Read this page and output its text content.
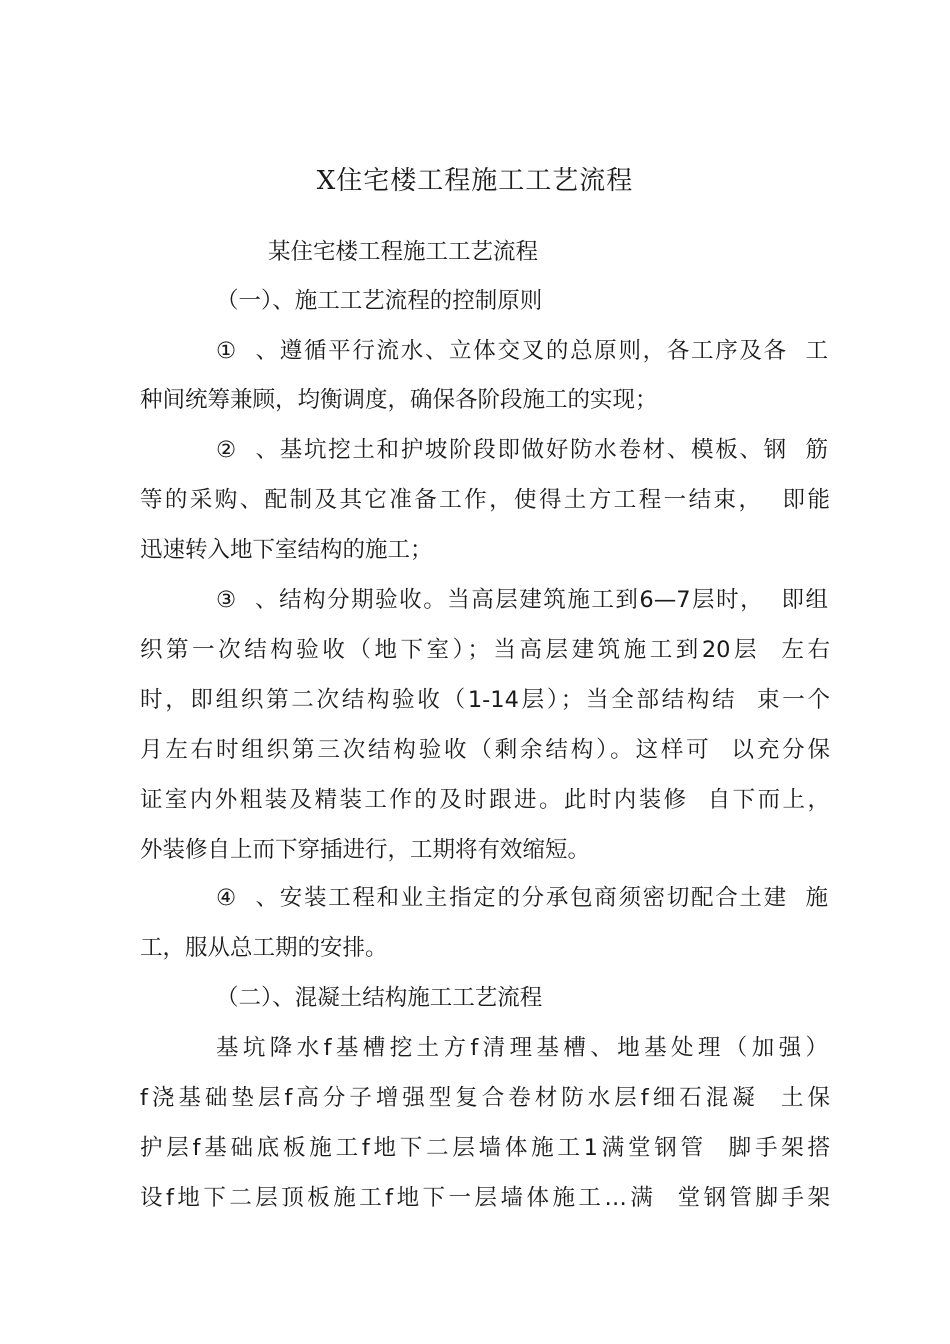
X住宅楼工程施工工艺流程

某住宅楼工程施工工艺流程

（一）、施工工艺流程的控制原则

①  、遵循平行流水、立体交叉的总原则，各工序及各  工

种间统筹兼顾，均衡调度，确保各阶段施工的实现；

②  、基坑挖土和护坡阶段即做好防水卷材、模板、钢  筋

等的采购、配制及其它准备工作，使得土方工程一结束，  即能

迅速转入地下室结构的施工；

③  、结构分期验收。当高层建筑施工到6—7层时，  即组

织第一次结构验收（地下室）；当高层建筑施工到20层  左右

时，即组织第二次结构验收（1-14层）；当全部结构结  束一个

月左右时组织第三次结构验收（剩余结构）。这样可  以充分保

证室内外粗装及精装工作的及时跟进。此时内装修  自下而上，

外装修自上而下穿插进行，工期将有效缩短。

④  、安装工程和业主指定的分承包商须密切配合土建  施

工，服从总工期的安排。

（二）、混凝土结构施工工艺流程

基坑降水f基槽挖土方f清理基槽、地基处理（加强）

f浇基础垫层f高分子增强型复合卷材防水层f细石混凝  土保

护层f基础底板施工f地下二层墙体施工1满堂钢管  脚手架搭

设f地下二层顶板施工f地下一层墙体施工…满  堂钢管脚手架
